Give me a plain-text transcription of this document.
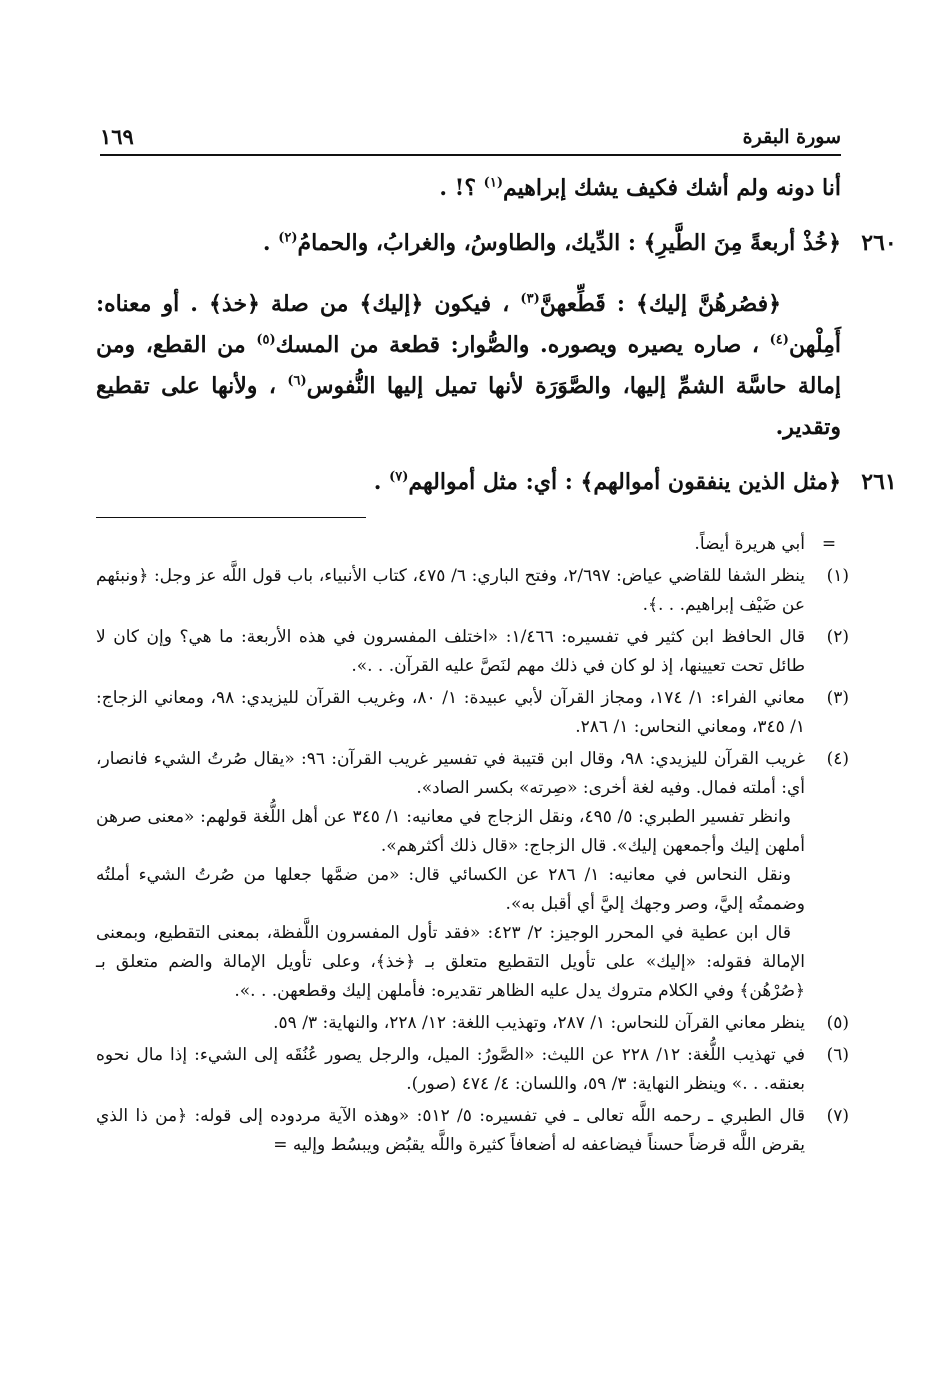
سورة البقرة
١٦٩

أنا دونه ولم أشك فكيف يشك إبراهيم$^{(١)}$ ؟! .

٢٦٠

﴿خُذْ أربعةً مِنَ الطَّيرِ﴾ : الدِّيك، والطاوسُ، والغرابُ، والحمامُ$^{(٢)}$ .

﴿فصُرهُنَّ إليك﴾ : قَطِّعهنَّ$^{(٣)}$ ، فيكون ﴿إليك﴾ من صلة ﴿خذ﴾ . أو معناه: أَمِلْهن$^{(٤)}$ ، صاره يصيره ويصوره. والصُّوار: قطعة من المسك$^{(٥)}$ من القطع، ومن إمالة حاسَّة الشمِّ إليها، والصَّوَرَة لأنها تميل إليها النُّفوس$^{(٦)}$ ، ولأنها على تقطيع وتقدير.

٢٦١

﴿مثل الذين ينفقون أموالهم﴾ : أي: مثل أموالهم$^{(٧)}$ .

=
أبي هريرة أيضاً.
(١)
ينظر الشفا للقاضي عياض: ٢/٦٩٧، وفتح الباري: ٦/ ٤٧٥، كتاب الأنبياء، باب قول اللَّه عز وجل: ﴿ونبئهم عن ضَيْف إبراهيم. . .﴾.
(٢)
قال الحافظ ابن كثير في تفسيره: ١/٤٦٦: «اختلف المفسرون في هذه الأربعة: ما هي؟ وإن كان لا طائل تحت تعيينها، إذ لو كان في ذلك مهم لنَصَّ عليه القرآن. . .».
(٣)
معاني الفراء: ١/ ١٧٤، ومجاز القرآن لأبي عبيدة: ١/ ٨٠، وغريب القرآن لليزيدي: ٩٨، ومعاني الزجاج: ١/ ٣٤٥، ومعاني النحاس: ١/ ٢٨٦.
(٤)
غريب القرآن لليزيدي: ٩٨، وقال ابن قتيبة في تفسير غريب القرآن: ٩٦: «يقال صُرتُ الشيء فانصار، أي: أملته فمال. وفيه لغة أخرى: «صِرته» بكسر الصاد».
وانظر تفسير الطبري: ٥/ ٤٩٥، ونقل الزجاج في معانيه: ١/ ٣٤٥ عن أهل اللُّغة قولهم: «معنى صرهن أملهن إليك وأجمعهن إليك». قال الزجاج: «قال ذلك أكثرهم».
ونقل النحاس في معانيه: ١/ ٢٨٦ عن الكسائي قال: «من ضمَّها جعلها من صُرتُ الشيء أملتُه وضممتُه إليَّ، وصر وجهك إليَّ أي أقبل به».
قال ابن عطية في المحرر الوجيز: ٢/ ٤٢٣: «فقد تأول المفسرون اللَّفظة، بمعنى التقطيع، وبمعنى الإمالة فقوله: «إليك» على تأويل التقطيع متعلق بـ ﴿خذ﴾، وعلى تأويل الإمالة والضم متعلق بـ ﴿صُرْهُن﴾ وفي الكلام متروك يدل عليه الظاهر تقديره: فأملهن إليك وقطعهن. . .».
(٥)
ينظر معاني القرآن للنحاس: ١/ ٢٨٧، وتهذيب اللغة: ١٢/ ٢٢٨، والنهاية: ٣/ ٥٩.
(٦)
في تهذيب اللُّغة: ١٢/ ٢٢٨ عن الليث: «الصَّورُ: الميل، والرجل يصور عُنُقَه إلى الشيء: إذا مال نحوه بعنقه. . .» وينظر النهاية: ٣/ ٥٩، واللسان: ٤/ ٤٧٤ (صور).
(٧)
قال الطبري ـ رحمه اللَّه تعالى ـ في تفسيره: ٥/ ٥١٢: «وهذه الآية مردوده إلى قوله: ﴿من ذا الذي يقرض اللَّه قرضاً حسناً فيضاعفه له أضعافاً كثيرة واللَّه يقبُض ويبسُط وإليه =
